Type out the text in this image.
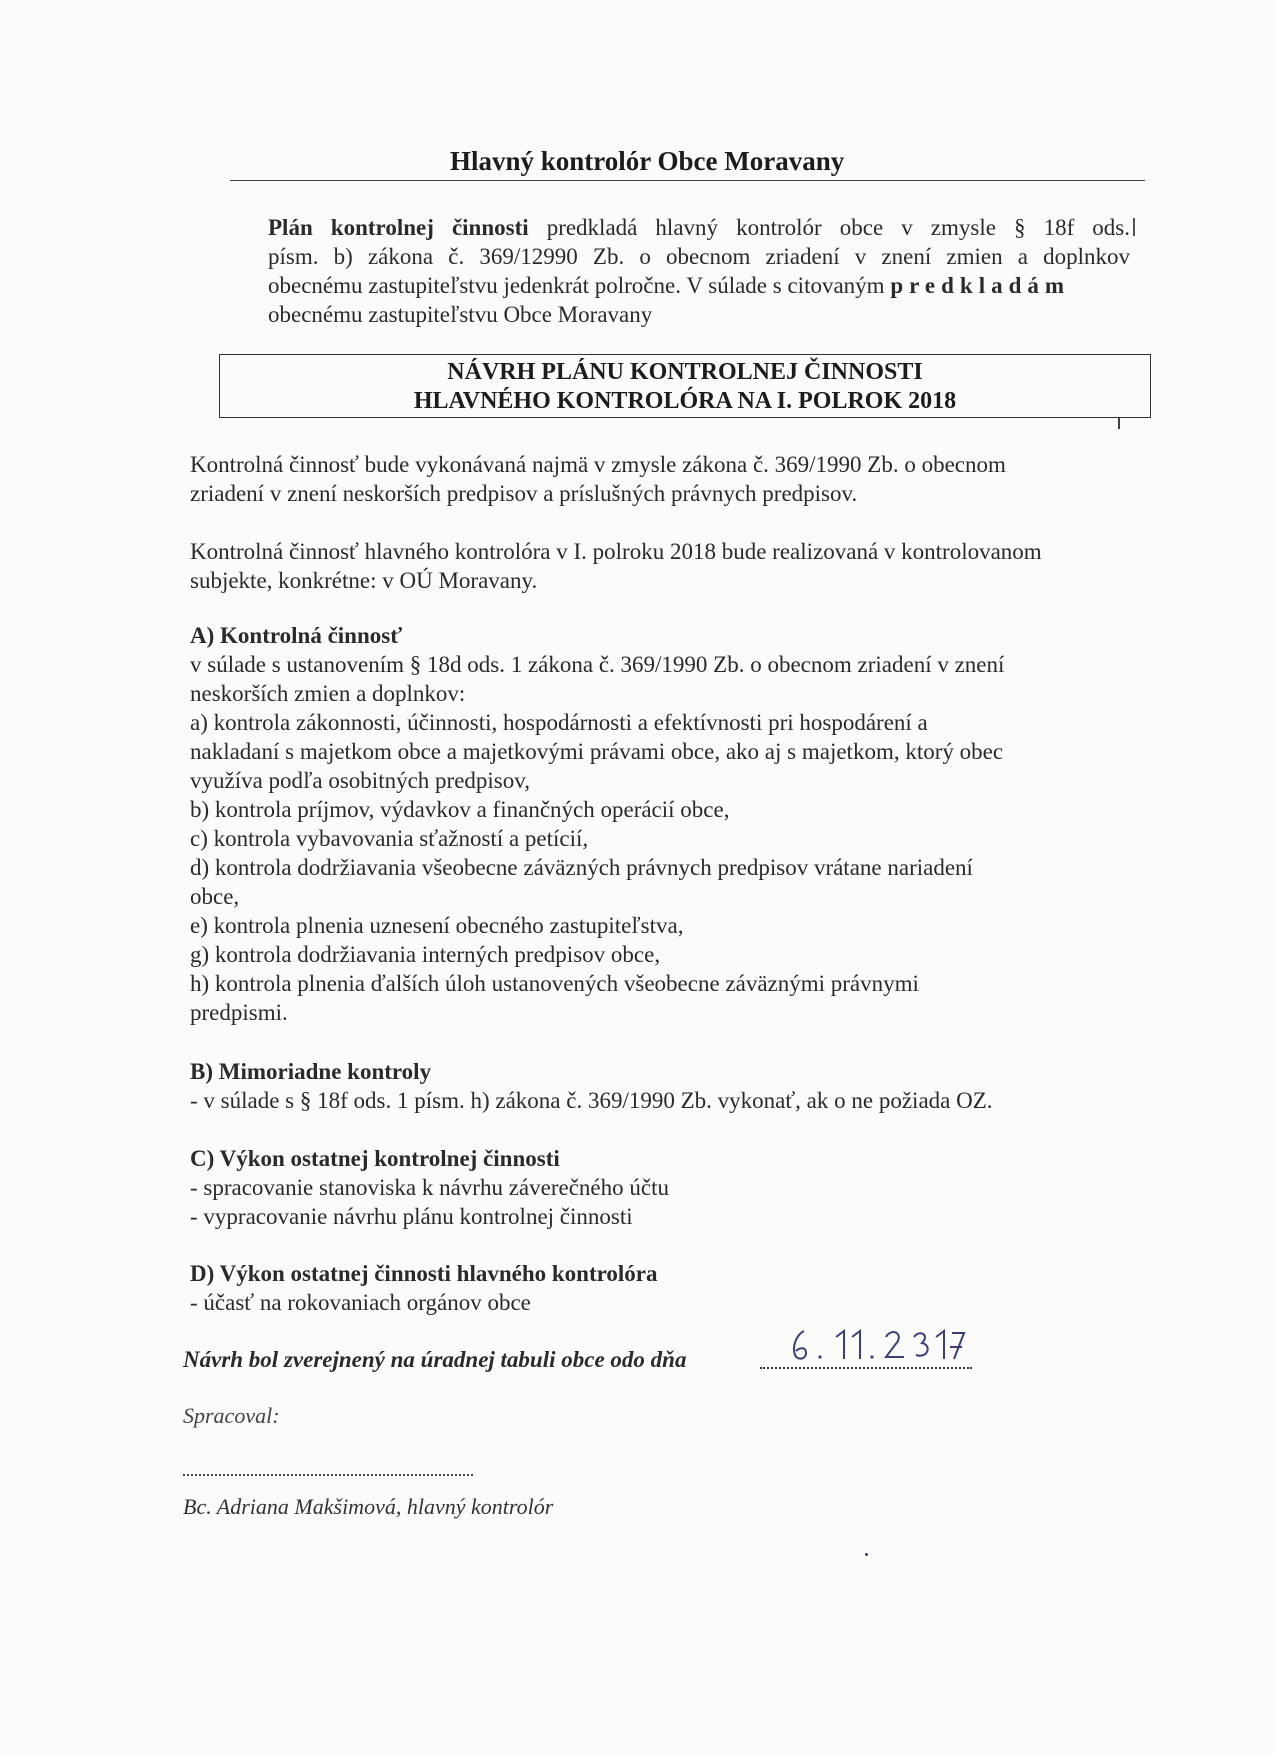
Hlavný kontrolór Obce Moravany
Plán kontrolnej činnosti predkladá hlavný kontrolór obce v zmysle § 18f ods.
písm. b) zákona č. 369/12990 Zb. o obecnom zriadení v znení zmien a doplnkov
obecnému zastupiteľstvu jedenkrát polročne. V súlade s citovaným predkladám
obecnému zastupiteľstvu Obce Moravany
NÁVRH PLÁNU KONTROLNEJ ČINNOSTI
HLAVNÉHO KONTROLÓRA NA I. POLROK 2018
Kontrolná činnosť bude vykonávaná najmä v zmysle zákona č. 369/1990 Zb. o obecnom
zriadení v znení neskorších predpisov a príslušných právnych predpisov.
Kontrolná činnosť hlavného kontrolóra v I. polroku 2018 bude realizovaná v kontrolovanom
subjekte, konkrétne: v OÚ Moravany.
A) Kontrolná činnosť
v súlade s ustanovením § 18d ods. 1 zákona č. 369/1990 Zb. o obecnom zriadení v znení
neskorších zmien a doplnkov:
a) kontrola zákonnosti, účinnosti, hospodárnosti a efektívnosti pri hospodárení a
nakladaní s majetkom obce a majetkovými právami obce, ako aj s majetkom, ktorý obec
využíva podľa osobitných predpisov,
b) kontrola príjmov, výdavkov a finančných operácií obce,
c) kontrola vybavovania sťažností a petícií,
d) kontrola dodržiavania všeobecne záväzných právnych predpisov vrátane nariadení
obce,
e) kontrola plnenia uznesení obecného zastupiteľstva,
g) kontrola dodržiavania interných predpisov obce,
h) kontrola plnenia ďalších úloh ustanovených všeobecne záväznými právnymi
predpismi.
B) Mimoriadne kontroly
- v súlade s § 18f ods. 1 písm. h) zákona č. 369/1990 Zb. vykonať, ak o ne požiada OZ.
C) Výkon ostatnej kontrolnej činnosti
- spracovanie stanoviska k návrhu záverečného účtu
- vypracovanie návrhu plánu kontrolnej činnosti
D) Výkon ostatnej činnosti hlavného kontrolóra
- účasť na rokovaniach orgánov obce
Návrh bol zverejnený na úradnej tabuli obce odo dňa
Spracoval:
Bc. Adriana Makšimová, hlavný kontrolór
